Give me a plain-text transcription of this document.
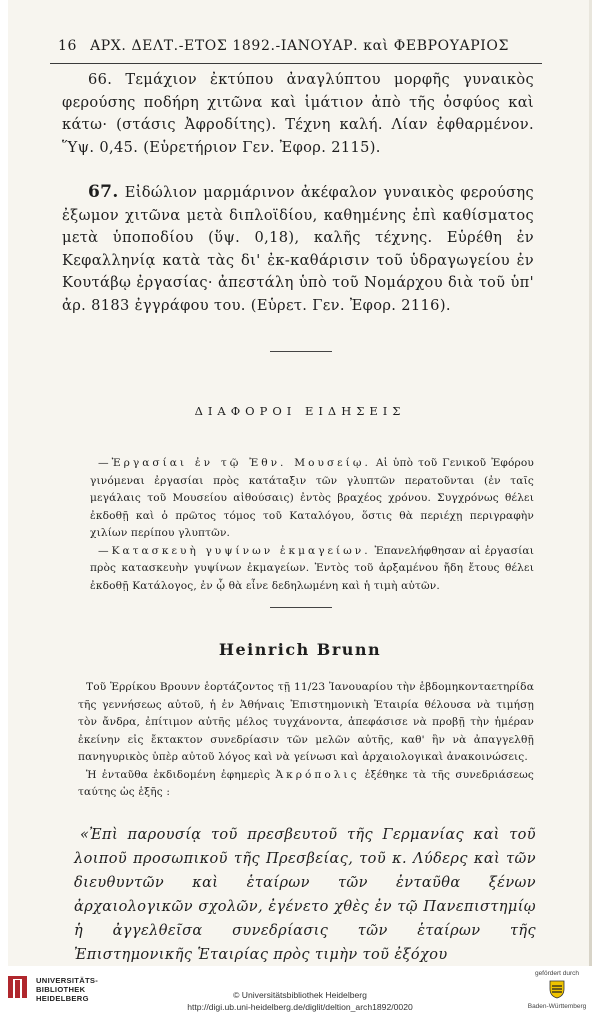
16 ΑΡΧ. ΔΕΛΤ.-ΕΤΟΣ 1892.-ΙΑΝΟΥΑΡ. καὶ ΦΕΒΡΟΥΑΡΙΟΣ

66. Τεμάχιον ἐκτύπου ἀναγλύπτου μορφῆς γυναικὸς φερούσης ποδήρη χιτῶνα καὶ ἱμάτιον ἀπὸ τῆς ὀσφύος καὶ κάτω· (στάσις Ἀφροδίτης). Τέχνη καλή. Λίαν ἐφθαρμένον. Ὕψ. 0,45. (Εὑρετήριον Γεν. Ἐφορ. 2115).

67. Εἰδώλιον μαρμάρινον ἀκέφαλον γυναικὸς φερούσης ἐξωμον χιτῶνα μετὰ διπλοϊδίου, καθημένης ἐπὶ καθίσματος μετὰ ὑποποδίου (ὕψ. 0,18), καλῆς τέχνης. Εὑρέθη ἐν Κεφαλληνίᾳ κατὰ τὰς δι' ἐκ-καθάρισιν τοῦ ὑδραγωγείου ἐν Κουτάβῳ ἐργασίας· ἀπεστάλη ὑπὸ τοῦ Νομάρχου διὰ τοῦ ὑπ' ἀρ. 8183 ἐγγράφου του. (Εὑρετ. Γεν. Ἐφορ. 2116).

ΔΙΑΦΟΡΟΙ ΕΙΔΗΣΕΙΣ

—Ἐργασίαι ἐν τῷ Ἐθν. Μουσείῳ. Αἱ ὑπὸ τοῦ Γενικοῦ Ἐφόρου γινόμεναι ἐργασίαι πρὸς κατάταξιν τῶν γλυπτῶν περατοῦνται (ἐν ταῖς μεγάλαις τοῦ Μουσείου αἰθούσαις) ἐντὸς βραχέος χρόνου. Συγχρόνως θέλει ἐκδοθῇ καὶ ὁ πρῶτος τόμος τοῦ Καταλόγου, ὅστις θὰ περιέχῃ περιγραφὴν χιλίων περίπου γλυπτῶν.

—Κατασκευὴ γυψίνων ἐκμαγείων. Ἐπανελήφθησαν αἱ ἐργασίαι πρὸς κατασκευὴν γυψίνων ἐκμαγείων. Ἐντὸς τοῦ ἀρξαμένου ἤδη ἔτους θέλει ἐκδοθῇ Κατάλογος, ἐν ᾧ θὰ εἶνε δεδηλωμένη καὶ ἡ τιμὴ αὐτῶν.

Heinrich Brunn

Τοῦ Ἑρρίκου Βρουνν ἑορτάζοντος τῇ 11/23 Ἰανουαρίου τὴν ἑβδομηκονταετηρίδα τῆς γεννήσεως αὐτοῦ, ἡ ἐν Ἀθήναις Ἐπιστημονικὴ Ἑταιρία θέλουσα νὰ τιμήσῃ τὸν ἄνδρα, ἐπίτιμον αὐτῆς μέλος τυγχάνοντα, ἀπεφάσισε νὰ προβῇ τὴν ἡμέραν ἐκείνην εἰς ἔκτακτον συνεδρίασιν τῶν μελῶν αὐτῆς, καθ' ἣν νὰ ἀπαγγελθῇ πανηγυρικὸς ὑπὲρ αὐτοῦ λόγος καὶ νὰ γείνωσι καὶ ἀρχαιολογικαὶ ἀνακοινώσεις.

Ἡ ἐνταῦθα ἐκδιδομένη ἐφημερὶς Ἀκρόπολις ἐξέθηκε τὰ τῆς συνεδριάσεως ταύτης ὡς ἑξῆς :

«Ἐπὶ παρουσίᾳ τοῦ πρεσβευτοῦ τῆς Γερμανίας καὶ τοῦ λοιποῦ προσωπικοῦ τῆς Πρεσβείας, τοῦ κ. Λύδερς καὶ τῶν διευθυντῶν καὶ ἑταίρων τῶν ἐνταῦθα ξένων ἀρχαιολογικῶν σχολῶν, ἐγένετο χθὲς ἐν τῷ Πανεπιστημίῳ ἡ ἀγγελθεῖσα συνεδρίασις τῶν ἑταίρων τῆς Ἐπιστημονικῆς Ἑταιρίας πρὸς τιμὴν τοῦ ἐξόχου

UNIVERSITÄTS-
BIBLIOTHEK
HEIDELBERG	© Universitätsbibliothek Heidelberg
http://digi.ub.uni-heidelberg.de/diglit/deltion_arch1892/0020
gefördert durch
Baden-Württemberg
